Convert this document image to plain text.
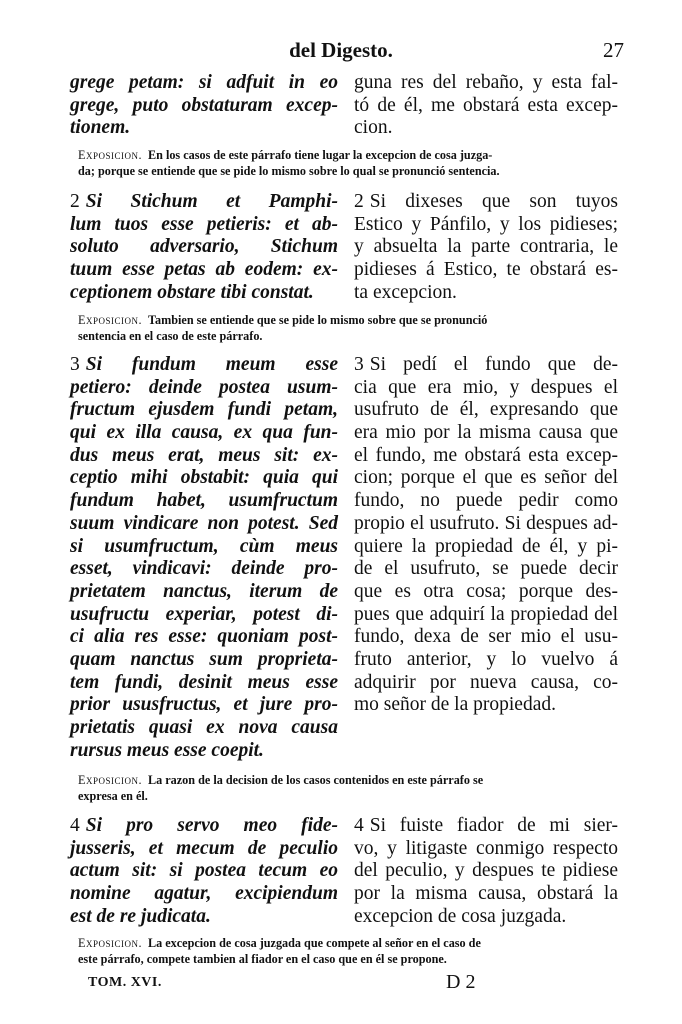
del Digesto.	27
grege petam: si adfuit in eo
grege, puto obstaturam excep-
tionem.
guna res del rebaño, y esta fal-
tó de él, me obstará esta excep-
cion.
Exposicion. En los casos de este párrafo tiene lugar la excepcion de cosa juzga-
da; porque se entiende que se pide lo mismo sobre lo qual se pronunció sentencia.
2 Si Stichum et Pamphi-
lum tuos esse petieris: et ab-
soluto adversario, Stichum
tuum esse petas ab eodem: ex-
ceptionem obstare tibi constat.
2 Si dixeses que son tuyos
Estico y Pánfilo, y los pidieses;
y absuelta la parte contraria, le
pidieses á Estico, te obstará es-
ta excepcion.
Exposicion. Tambien se entiende que se pide lo mismo sobre que se pronunció
sentencia en el caso de este párrafo.
3 Si fundum meum esse
petiero: deinde postea usum-
fructum ejusdem fundi petam,
qui ex illa causa, ex qua fun-
dus meus erat, meus sit: ex-
ceptio mihi obstabit: quia qui
fundum habet, usumfructum
suum vindicare non potest. Sed
si usumfructum, cùm meus
esset, vindicavi: deinde pro-
prietatem nanctus, iterum de
usufructu experiar, potest di-
ci alia res esse: quoniam post-
quam nanctus sum proprieta-
tem fundi, desinit meus esse
prior ususfructus, et jure pro-
prietatis quasi ex nova causa
rursus meus esse coepit.
3 Si pedí el fundo que de-
cia que era mio, y despues el
usufruto de él, expresando que
era mio por la misma causa que
el fundo, me obstará esta excep-
cion; porque el que es señor del
fundo, no puede pedir como
propio el usufruto. Si despues ad-
quiere la propiedad de él, y pi-
de el usufruto, se puede decir
que es otra cosa; porque des-
pues que adquirí la propiedad del
fundo, dexa de ser mio el usu-
fruto anterior, y lo vuelvo á
adquirir por nueva causa, co-
mo señor de la propiedad.
Exposicion. La razon de la decision de los casos contenidos en este párrafo se
expresa en él.
4 Si pro servo meo fide-
jusseris, et mecum de peculio
actum sit: si postea tecum eo
nomine agatur, excipiendum
est de re judicata.
4 Si fuiste fiador de mi sier-
vo, y litigaste conmigo respecto
del peculio, y despues te pidiese
por la misma causa, obstará la
excepcion de cosa juzgada.
Exposicion. La excepcion de cosa juzgada que compete al señor en el caso de
este párrafo, compete tambien al fiador en el caso que en él se propone.
TOM. XVI.	D 2
